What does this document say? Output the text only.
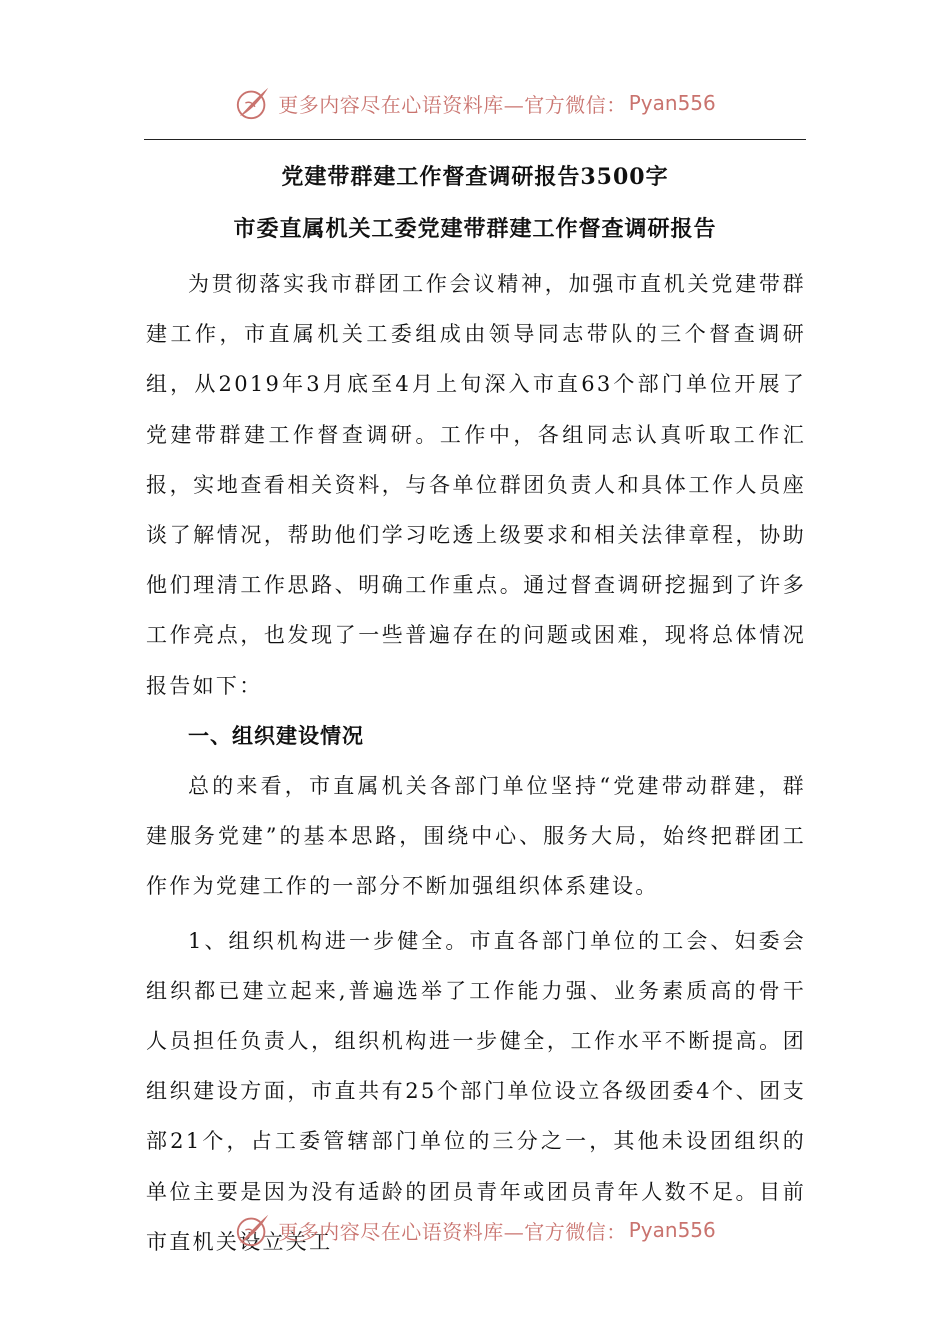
更多内容尽在心语资料库—官方微信： Pyan556
党建带群建工作督查调研报告3500字
市委直属机关工委党建带群建工作督查调研报告

为贯彻落实我市群团工作会议精神，加强市直机关党建带群建工作，市直属机关工委组成由领导同志带队的三个督查调研组，从2019年3月底至4月上旬深入市直63个部门单位开展了党建带群建工作督查调研。工作中，各组同志认真听取工作汇报，实地查看相关资料，与各单位群团负责人和具体工作人员座谈了解情况，帮助他们学习吃透上级要求和相关法律章程，协助他们理清工作思路、明确工作重点。通过督查调研挖掘到了许多工作亮点，也发现了一些普遍存在的问题或困难，现将总体情况报告如下：

一、组织建设情况

总的来看，市直属机关各部门单位坚持“党建带动群建，群建服务党建”的基本思路，围绕中心、服务大局，始终把群团工作作为党建工作的一部分不断加强组织体系建设。

1、组织机构进一步健全。市直各部门单位的工会、妇委会组织都已建立起来,普遍选举了工作能力强、业务素质高的骨干人员担任负责人，组织机构进一步健全，工作水平不断提高。团组织建设方面，市直共有25个部门单位设立各级团委4个、团支部21个，占工委管辖部门单位的三分之一，其他未设团组织的单位主要是因为没有适龄的团员青年或团员青年人数不足。目前市直机关设立关工

更多内容尽在心语资料库—官方微信： Pyan556
